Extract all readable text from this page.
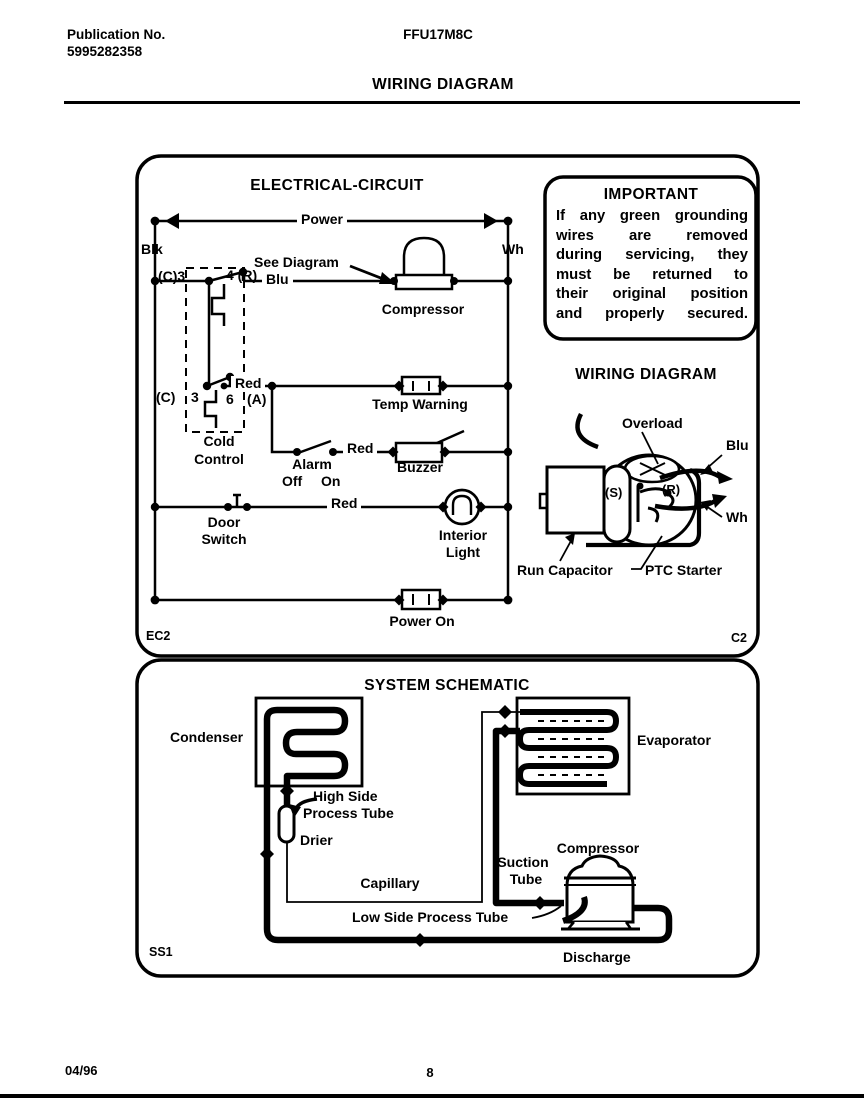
Publication No.
5995282358
FFU17M8C
WIRING DIAGRAM
ELECTRICAL-CIRCUIT
Power
Blk	Wh
See Diagram
(C)3	4 (R) Blu
Compressor
Red
(C) 3 6 (A)
Cold
Control
Temp Warning
Alarm
Off On
Red
Buzzer
Door
Switch
Red
Interior
Light
Power On
EC2	C2
IMPORTANT
If any green grounding
wires are removed
during servicing, they
must be returned to
their original position
and properly secured.
WIRING DIAGRAM
Overload
Blu
Wh
(S)	(R)
Run Capacitor PTC Starter
SYSTEM SCHEMATIC
Condenser	Evaporator
High Side
Process Tube
Drier
Capillary
Suction
Tube
Compressor
Low Side Process Tube
Discharge
SS1
04/96	8
